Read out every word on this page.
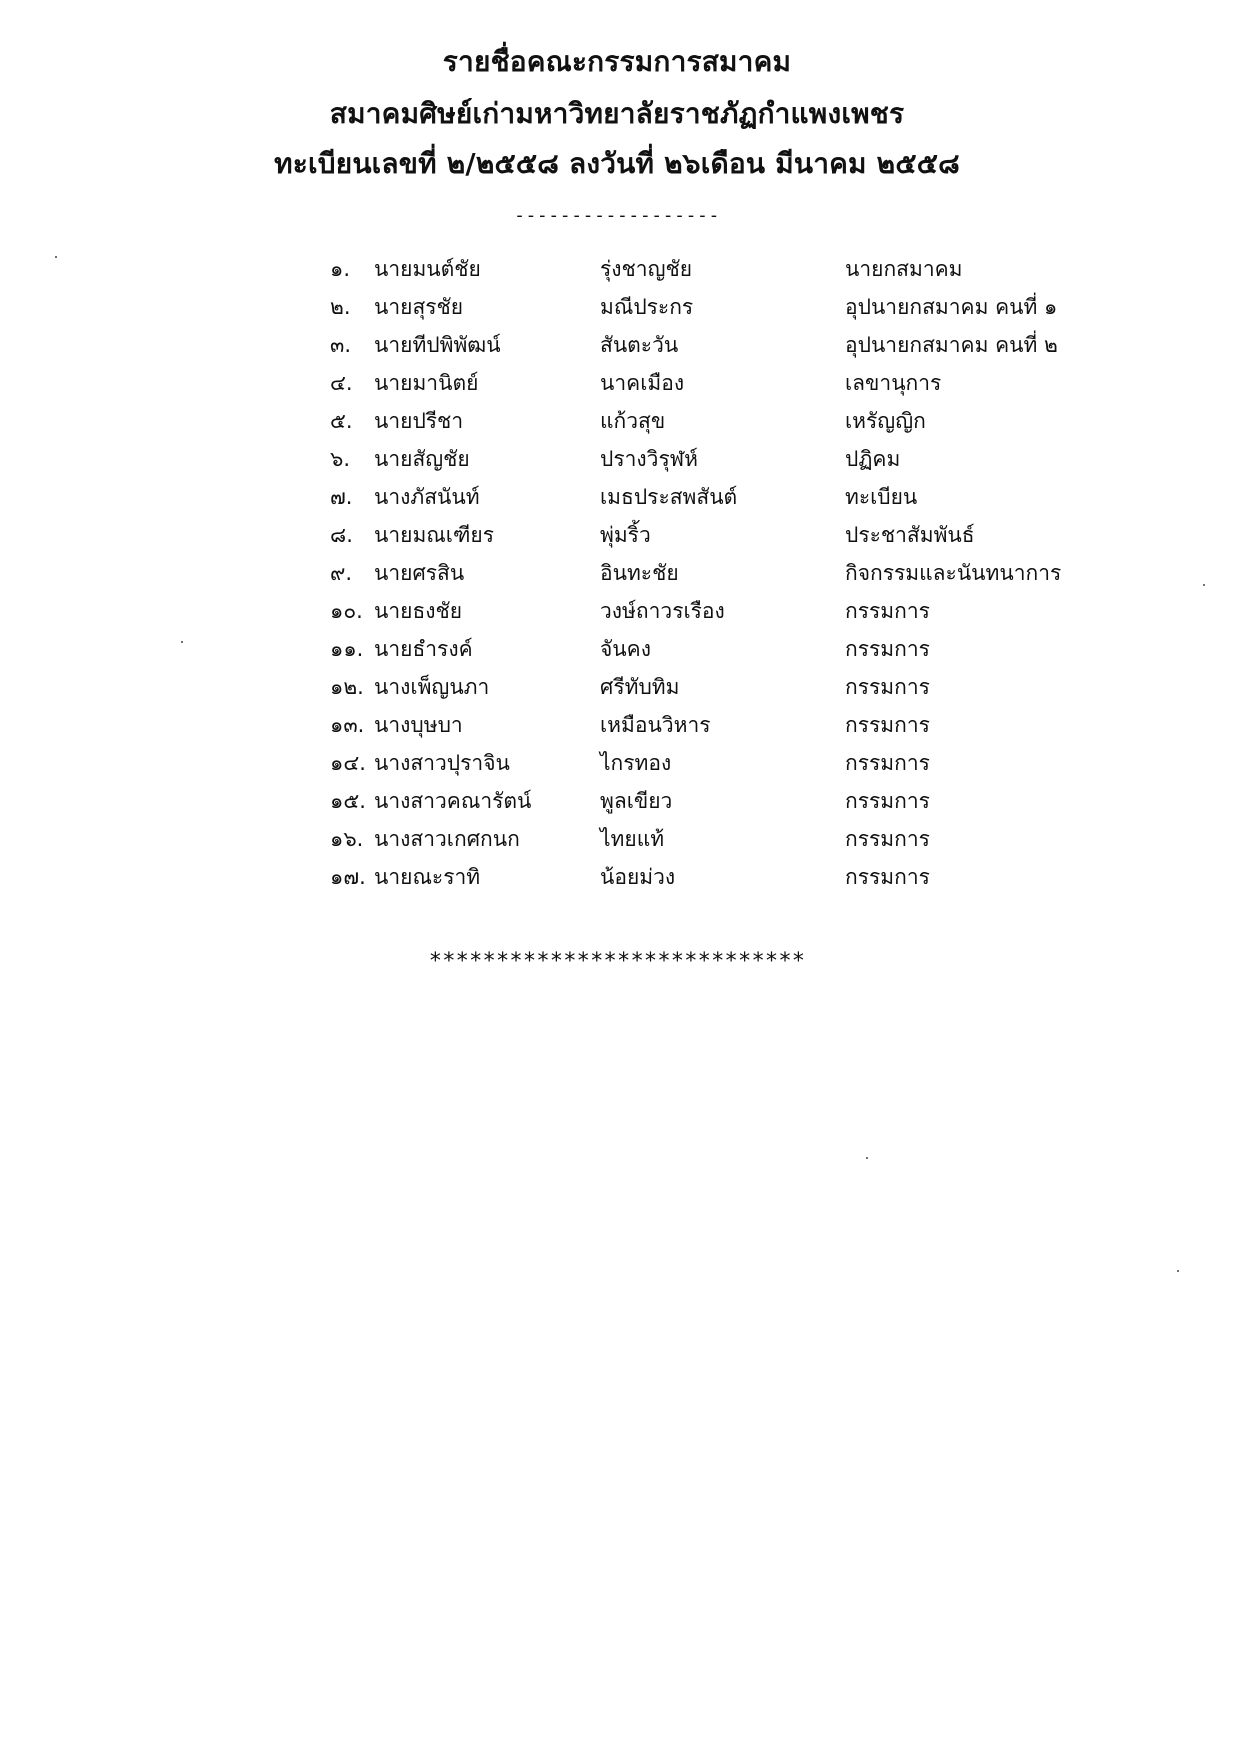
รายชื่อคณะกรรมการสมาคม
สมาคมศิษย์เก่ามหาวิทยาลัยราชภัฏกำแพงเพชร
ทะเบียนเลขที่ ๒/๒๕๕๘ ลงวันที่ ๒๖เดือน มีนาคม ๒๕๕๘
------------------
๑.	นายมนต์ชัย	รุ่งชาญชัย	นายกสมาคม
๒.	นายสุรชัย	มณีประกร	อุปนายกสมาคม คนที่ ๑
๓.	นายทีปพิพัฒน์	สันตะวัน	อุปนายกสมาคม คนที่ ๒
๔.	นายมานิตย์	นาคเมือง	เลขานุการ
๕.	นายปรีชา	แก้วสุข	เหรัญญิก
๖.	นายสัญชัย	ปรางวิรุฬห์	ปฏิคม
๗.	นางภัสนันท์	เมธประสพสันต์	ทะเบียน
๘.	นายมณเฑียร	พุ่มริ้ว	ประชาสัมพันธ์
๙.	นายศรสิน	อินทะชัย	กิจกรรมและนันทนาการ
๑๐. นายธงชัย	วงษ์ถาวรเรือง	กรรมการ
๑๑. นายธำรงค์	จันคง	กรรมการ
๑๒. นางเพ็ญนภา	ศรีทับทิม	กรรมการ
๑๓. นางบุษบา	เหมือนวิหาร	กรรมการ
๑๔. นางสาวปุราจิน	ไกรทอง	กรรมการ
๑๕. นางสาวคณารัตน์	พูลเขียว	กรรมการ
๑๖. นางสาวเกศกนก	ไทยแท้	กรรมการ
๑๗. นายณะราทิ	น้อยม่วง	กรรมการ
****************************
